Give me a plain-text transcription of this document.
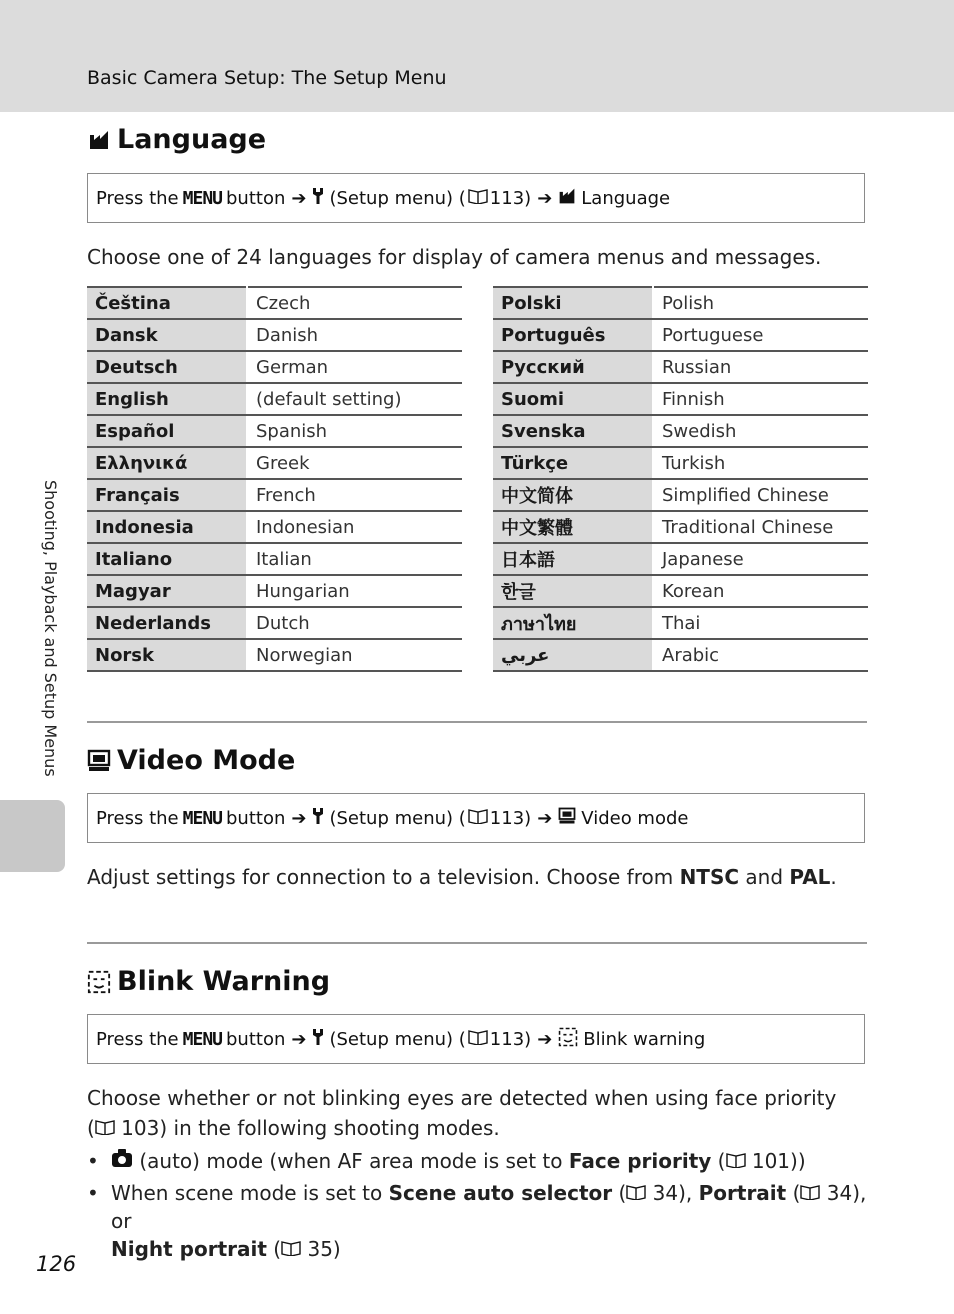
Basic Camera Setup: The Setup Menu
Shooting, Playback and Setup Menus
Language
Press the MENU button ➔ (Setup menu) ( 113) ➔ Language
Choose one of 24 languages for display of camera menus and messages.
Čeština	Czech
Dansk	Danish
Deutsch	German
English	(default setting)
Español	Spanish
Ελληνικά	Greek
Français	French
Indonesia	Indonesian
Italiano	Italian
Magyar	Hungarian
Nederlands	Dutch
Norsk	Norwegian
Polski	Polish
Português	Portuguese
Русский	Russian
Suomi	Finnish
Svenska	Swedish
Türkçe	Turkish
中文简体	Simplified Chinese
中文繁體	Traditional Chinese
日本語	Japanese
한글	Korean
ภาษาไทย	Thai
عربي	Arabic
Video Mode
Press the MENU button ➔ (Setup menu) ( 113) ➔ Video mode
Adjust settings for connection to a television. Choose from NTSC and PAL.
Blink Warning
Press the MENU button ➔ (Setup menu) ( 113) ➔ Blink warning
Choose whether or not blinking eyes are detected when using face priority
( 103) in the following shooting modes.
• (auto) mode (when AF area mode is set to Face priority ( 101))
• When scene mode is set to Scene auto selector ( 34), Portrait ( 34), or
Night portrait ( 35)
126
